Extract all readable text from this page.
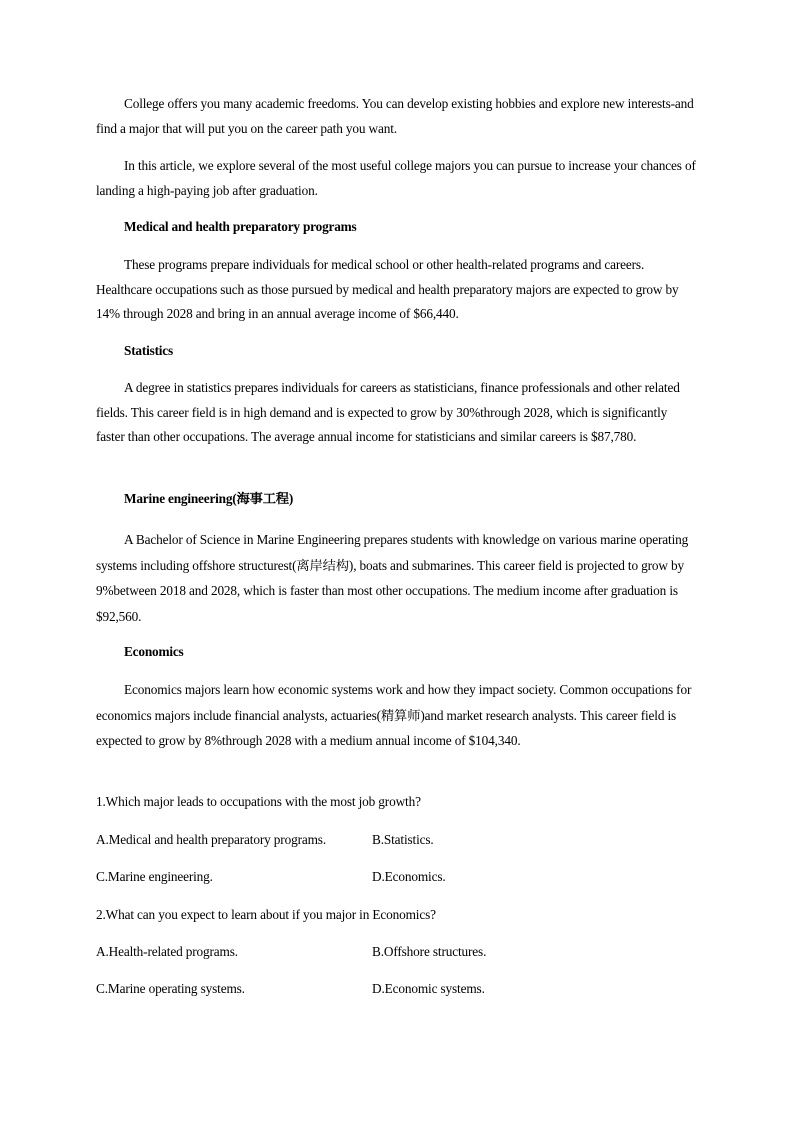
College offers you many academic freedoms. You can develop existing hobbies and explore new interests-and find a major that will put you on the career path you want.

In this article, we explore several of the most useful college majors you can pursue to increase your chances of landing a high-paying job after graduation.

Medical and health preparatory programs

These programs prepare individuals for medical school or other health-related programs and careers. Healthcare occupations such as those pursued by medical and health preparatory majors are expected to grow by 14% through 2028 and bring in an annual average income of $66,440.

Statistics

A degree in statistics prepares individuals for careers as statisticians, finance professionals and other related fields. This career field is in high demand and is expected to grow by 30%through 2028, which is significantly faster than other occupations. The average annual income for statisticians and similar careers is $87,780.

Marine engineering(海事工程)

A Bachelor of Science in Marine Engineering prepares students with knowledge on various marine operating systems including offshore structurest(离岸结构), boats and submarines. This career field is projected to grow by 9%between 2018 and 2028, which is faster than most other occupations. The medium income after graduation is $92,560.

Economics

Economics majors learn how economic systems work and how they impact society. Common occupations for economics majors include financial analysts, actuaries(精算师)and market research analysts. This career field is expected to grow by 8%through 2028 with a medium annual income of $104,340.

1.Which major leads to occupations with the most job growth?

A.Medical and health preparatory programs.	B.Statistics.

C.Marine engineering.	D.Economics.

2.What can you expect to learn about if you major in Economics?

A.Health-related programs.	B.Offshore structures.

C.Marine operating systems.	D.Economic systems.
